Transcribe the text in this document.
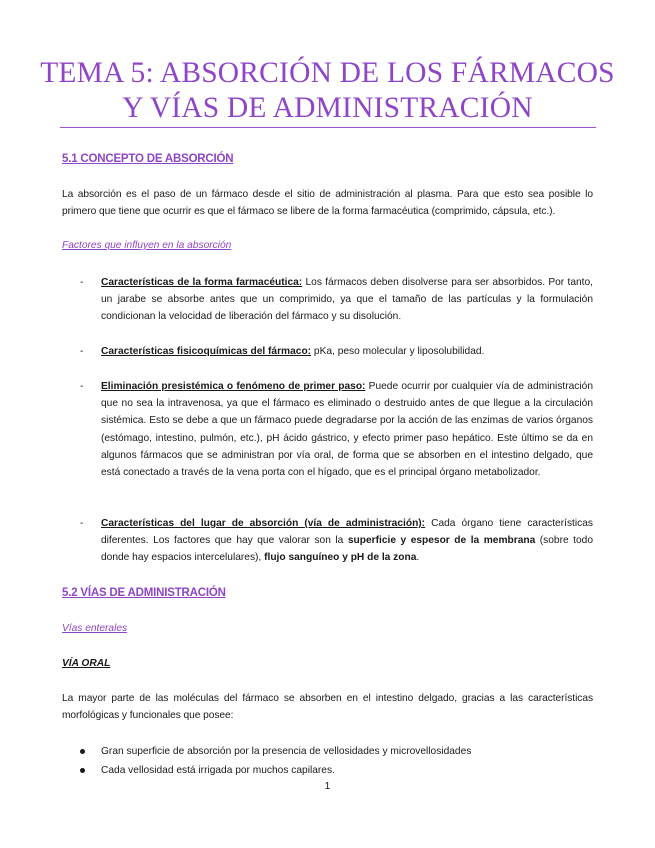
TEMA 5: ABSORCIÓN DE LOS FÁRMACOS
Y VÍAS DE ADMINISTRACIÓN
5.1 CONCEPTO DE ABSORCIÓN
La absorción es el paso de un fármaco desde el sitio de administración al plasma. Para que esto sea posible lo primero que tiene que ocurrir es que el fármaco se libere de la forma farmacéutica (comprimido, cápsula, etc.).
Factores que influyen en la absorción
- Características de la forma farmacéutica: Los fármacos deben disolverse para ser absorbidos. Por tanto, un jarabe se absorbe antes que un comprimido, ya que el tamaño de las partículas y la formulación condicionan la velocidad de liberación del fármaco y su disolución.
- Características fisicoquímicas del fármaco: pKa, peso molecular y liposolubilidad.
- Eliminación presistémica o fenómeno de primer paso: Puede ocurrir por cualquier vía de administración que no sea la intravenosa, ya que el fármaco es eliminado o destruido antes de que llegue a la circulación sistémica. Esto se debe a que un fármaco puede degradarse por la acción de las enzimas de varios órganos (estómago, intestino, pulmón, etc.), pH ácido gástrico, y efecto primer paso hepático. Este último se da en algunos fármacos que se administran por vía oral, de forma que se absorben en el intestino delgado, que está conectado a través de la vena porta con el hígado, que es el principal órgano metabolizador.
- Características del lugar de absorción (vía de administración): Cada órgano tiene características diferentes. Los factores que hay que valorar son la superficie y espesor de la membrana (sobre todo donde hay espacios intercelulares), flujo sanguíneo y pH de la zona.
5.2 VÍAS DE ADMINISTRACIÓN
Vías enterales
VÍA ORAL
La mayor parte de las moléculas del fármaco se absorben en el intestino delgado, gracias a las características morfológicas y funcionales que posee:
Gran superficie de absorción por la presencia de vellosidades y microvellosidades
Cada vellosidad está irrigada por muchos capilares.
1
